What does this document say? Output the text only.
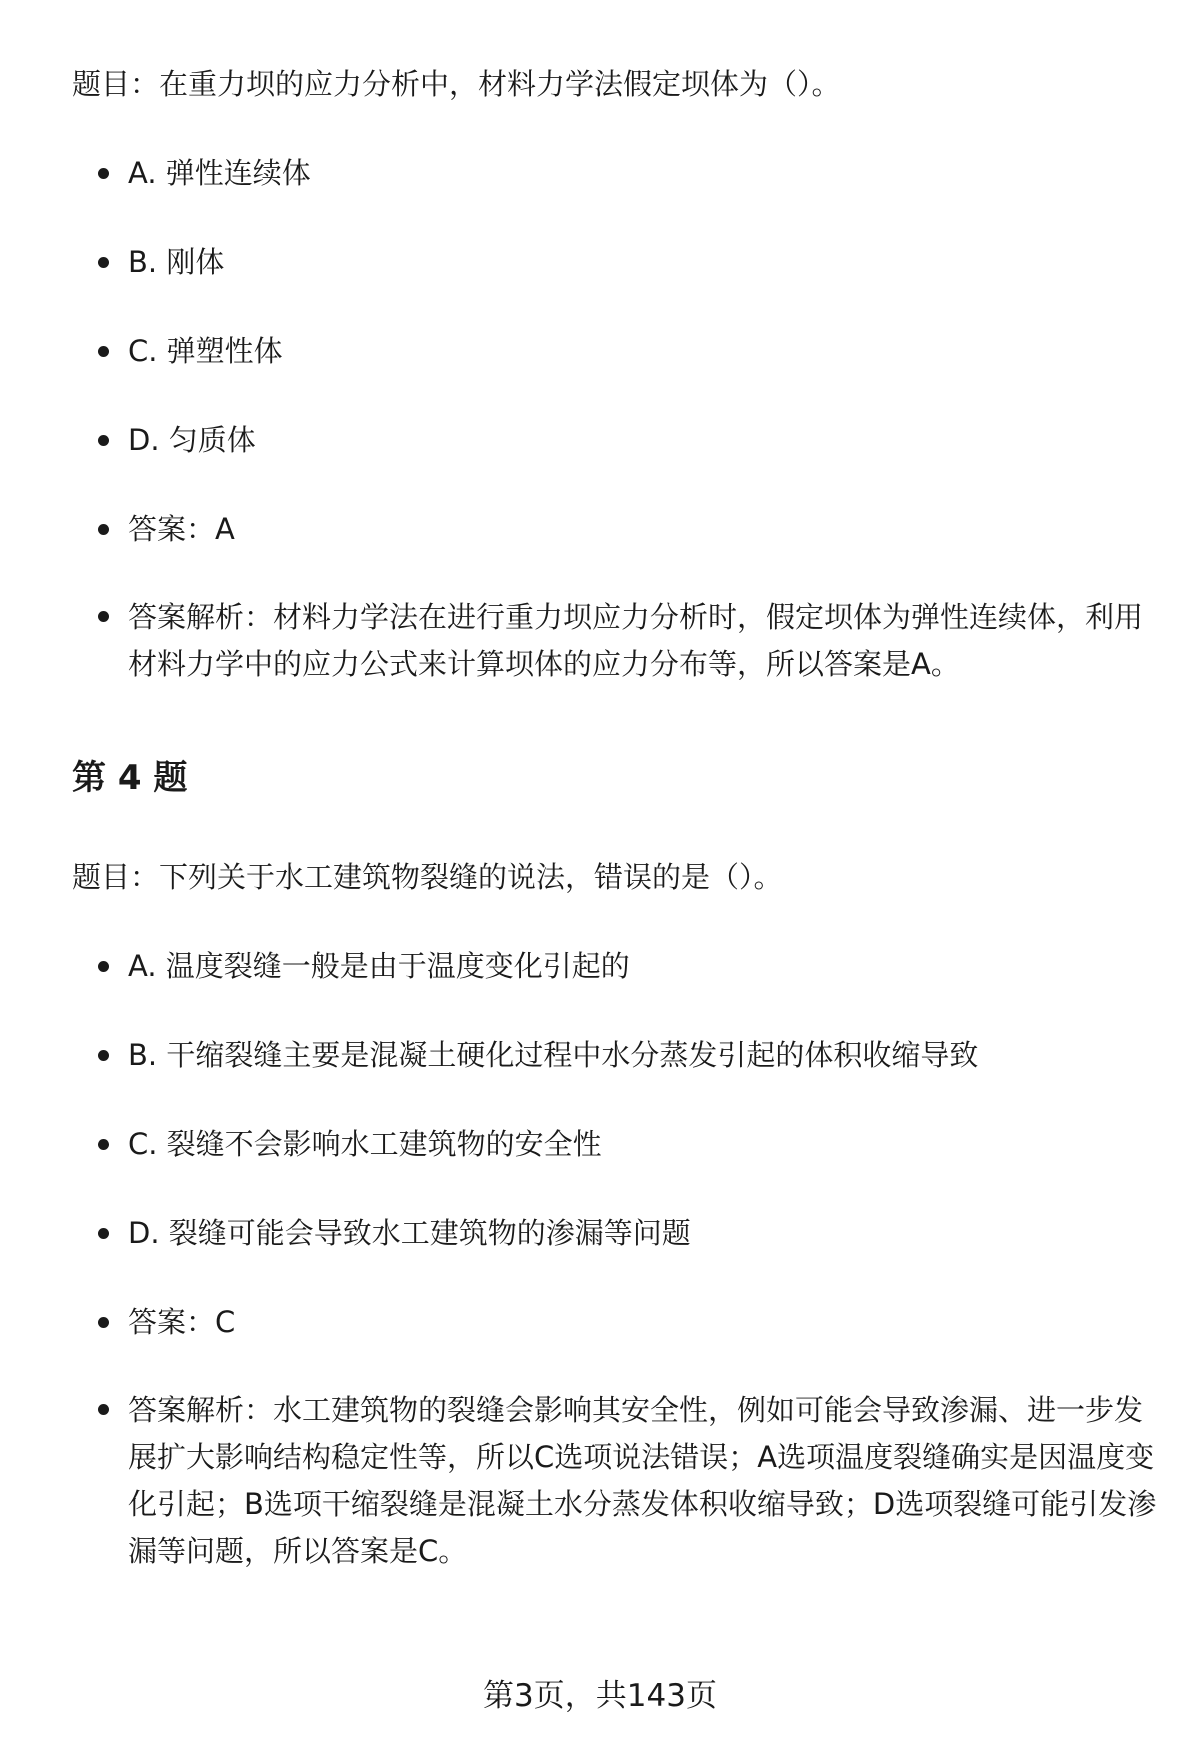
题目：在重力坝的应力分析中，材料力学法假定坝体为（）。

A. 弹性连续体
B. 刚体
C. 弹塑性体
D. 匀质体
答案：A
答案解析：材料力学法在进行重力坝应力分析时，假定坝体为弹性连续体，利用材料力学中的应力公式来计算坝体的应力分布等，所以答案是A。
第 4 题

题目：下列关于水工建筑物裂缝的说法，错误的是（）。

A. 温度裂缝一般是由于温度变化引起的
B. 干缩裂缝主要是混凝土硬化过程中水分蒸发引起的体积收缩导致
C. 裂缝不会影响水工建筑物的安全性
D. 裂缝可能会导致水工建筑物的渗漏等问题
答案：C
答案解析：水工建筑物的裂缝会影响其安全性，例如可能会导致渗漏、进一步发展扩大影响结构稳定性等，所以C选项说法错误；A选项温度裂缝确实是因温度变化引起；B选项干缩裂缝是混凝土水分蒸发体积收缩导致；D选项裂缝可能引发渗漏等问题，所以答案是C。
第3页，共143页
